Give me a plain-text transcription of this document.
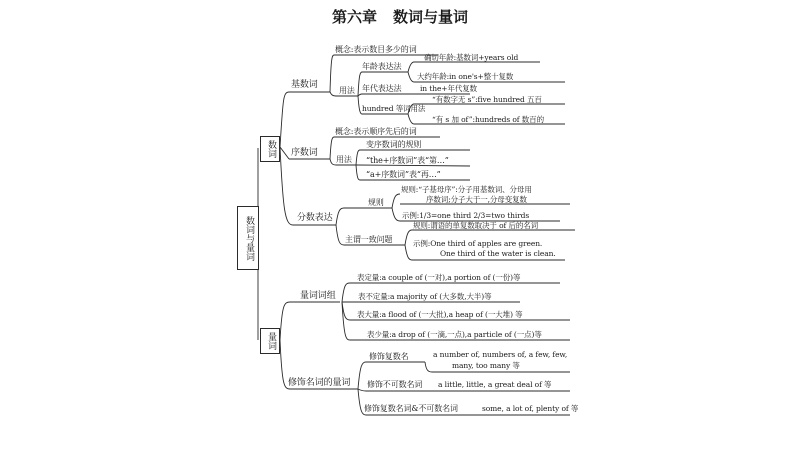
第六章 数词与量词
数词与量词
数词
量词
基数词
概念:表示数目多少的词
用法
年龄表达法
确切年龄:基数词+years old
大约年龄:in one's+整十复数
年代表达法 in the+年代复数
hundred 等词用法
“有数字无 s”:five hundred 五百
“有 s 加 of”:hundreds of 数百的
序数词
概念:表示顺序先后的词
用法
变序数词的规则
“the+序数词”表“第…”
“a+序数词”表“再…”
分数表达
规则
规则:“子基母序”:分子用基数词、分母用
序数词;分子大于一,分母变复数
示例:1/3=one third 2/3=two thirds
主谓一致问题
规则:谓语的单复数取决于 of 后的名词
示例:One third of apples are green.
One third of the water is clean.
量词词组
表定量:a couple of (一对),a portion of (一份)等
表不定量:a majority of (大多数,大半)等
表大量:a flood of (一大批),a heap of (一大堆) 等
表少量:a drop of (一滴,一点),a particle of (一点)等
修饰名词的量词
修饰复数名	a number of, numbers of, a few, few,
many, too many 等
修饰不可数名词 a little, little, a great deal of 等
修饰复数名词&不可数名词	some, a lot of, plenty of 等
